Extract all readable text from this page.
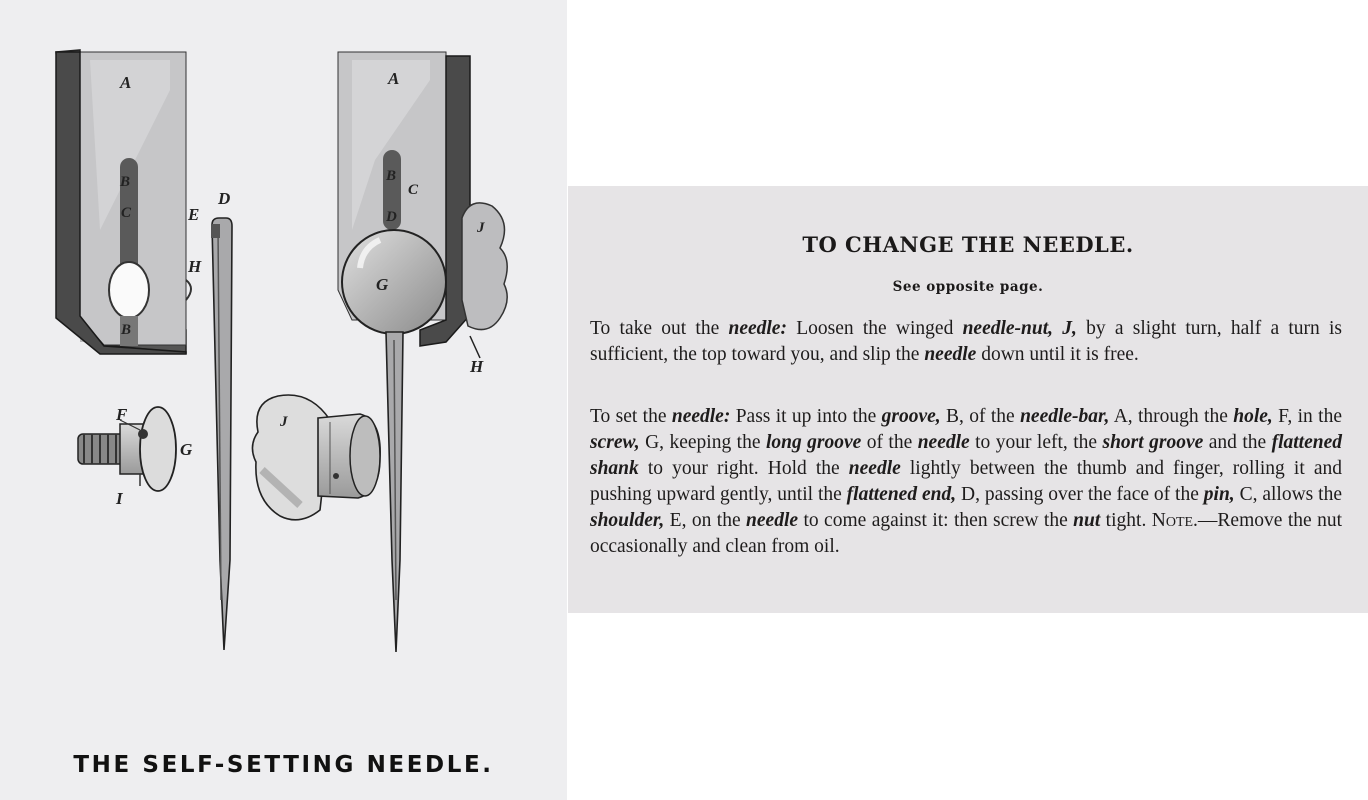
A
B
C
B
H
E
D
A
B
C
D
G
J
H
F
G
I
J
THE SELF-SETTING NEEDLE.
TO CHANGE THE NEEDLE.
See opposite page.

To take out the needle: Loosen the winged needle-nut, J, by a slight turn, half a turn is sufficient, the top toward you, and slip the needle down until it is free.

To set the needle: Pass it up into the groove, B, of the needle-bar, A, through the hole, F, in the screw, G, keeping the long groove of the needle to your left, the short groove and the flattened shank to your right. Hold the needle lightly between the thumb and finger, rolling it and pushing upward gently, until the flattened end, D, passing over the face of the pin, C, allows the shoulder, E, on the needle to come against it: then screw the nut tight. Note.—Remove the nut occasionally and clean from oil.
